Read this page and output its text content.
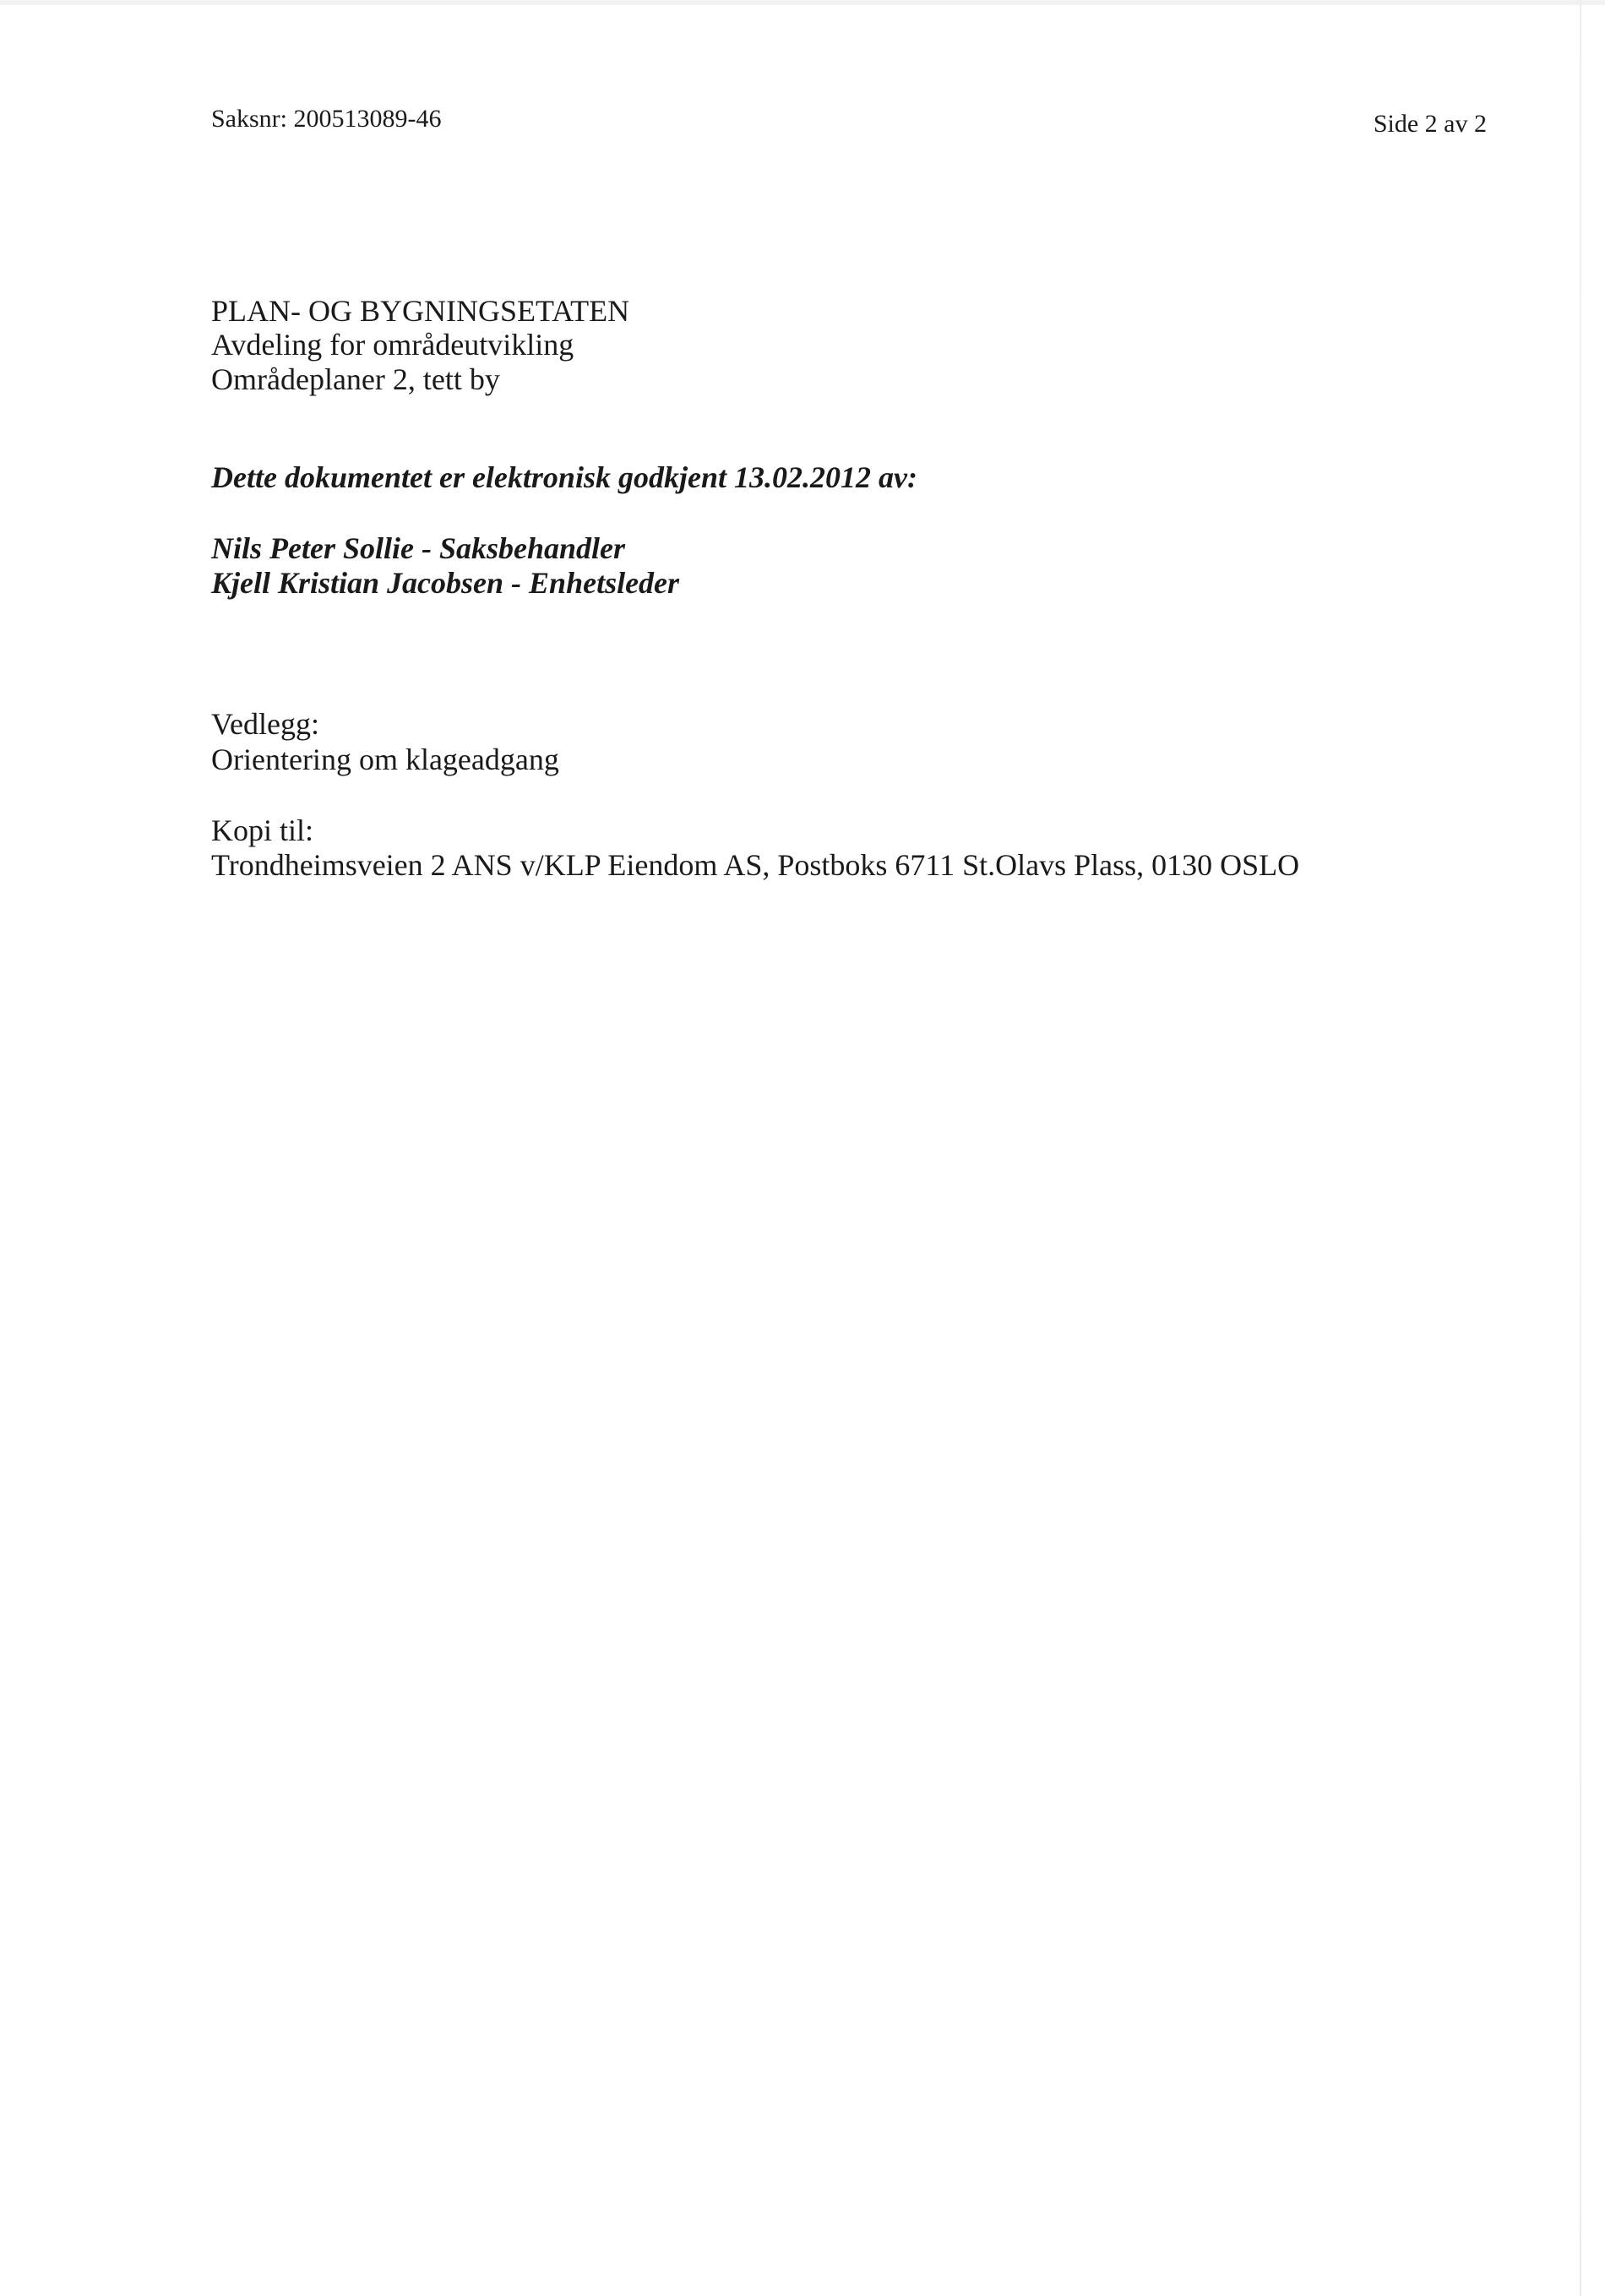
Saksnr: 200513089-46	Side 2 av 2
PLAN- OG BYGNINGSETATEN
Avdeling for områdeutvikling
Områdeplaner 2, tett by
Dette dokumentet er elektronisk godkjent 13.02.2012 av:
Nils Peter Sollie - Saksbehandler
Kjell Kristian Jacobsen - Enhetsleder
Vedlegg:
Orientering om klageadgang
Kopi til:
Trondheimsveien 2 ANS v/KLP Eiendom AS, Postboks 6711 St.Olavs Plass, 0130 OSLO
